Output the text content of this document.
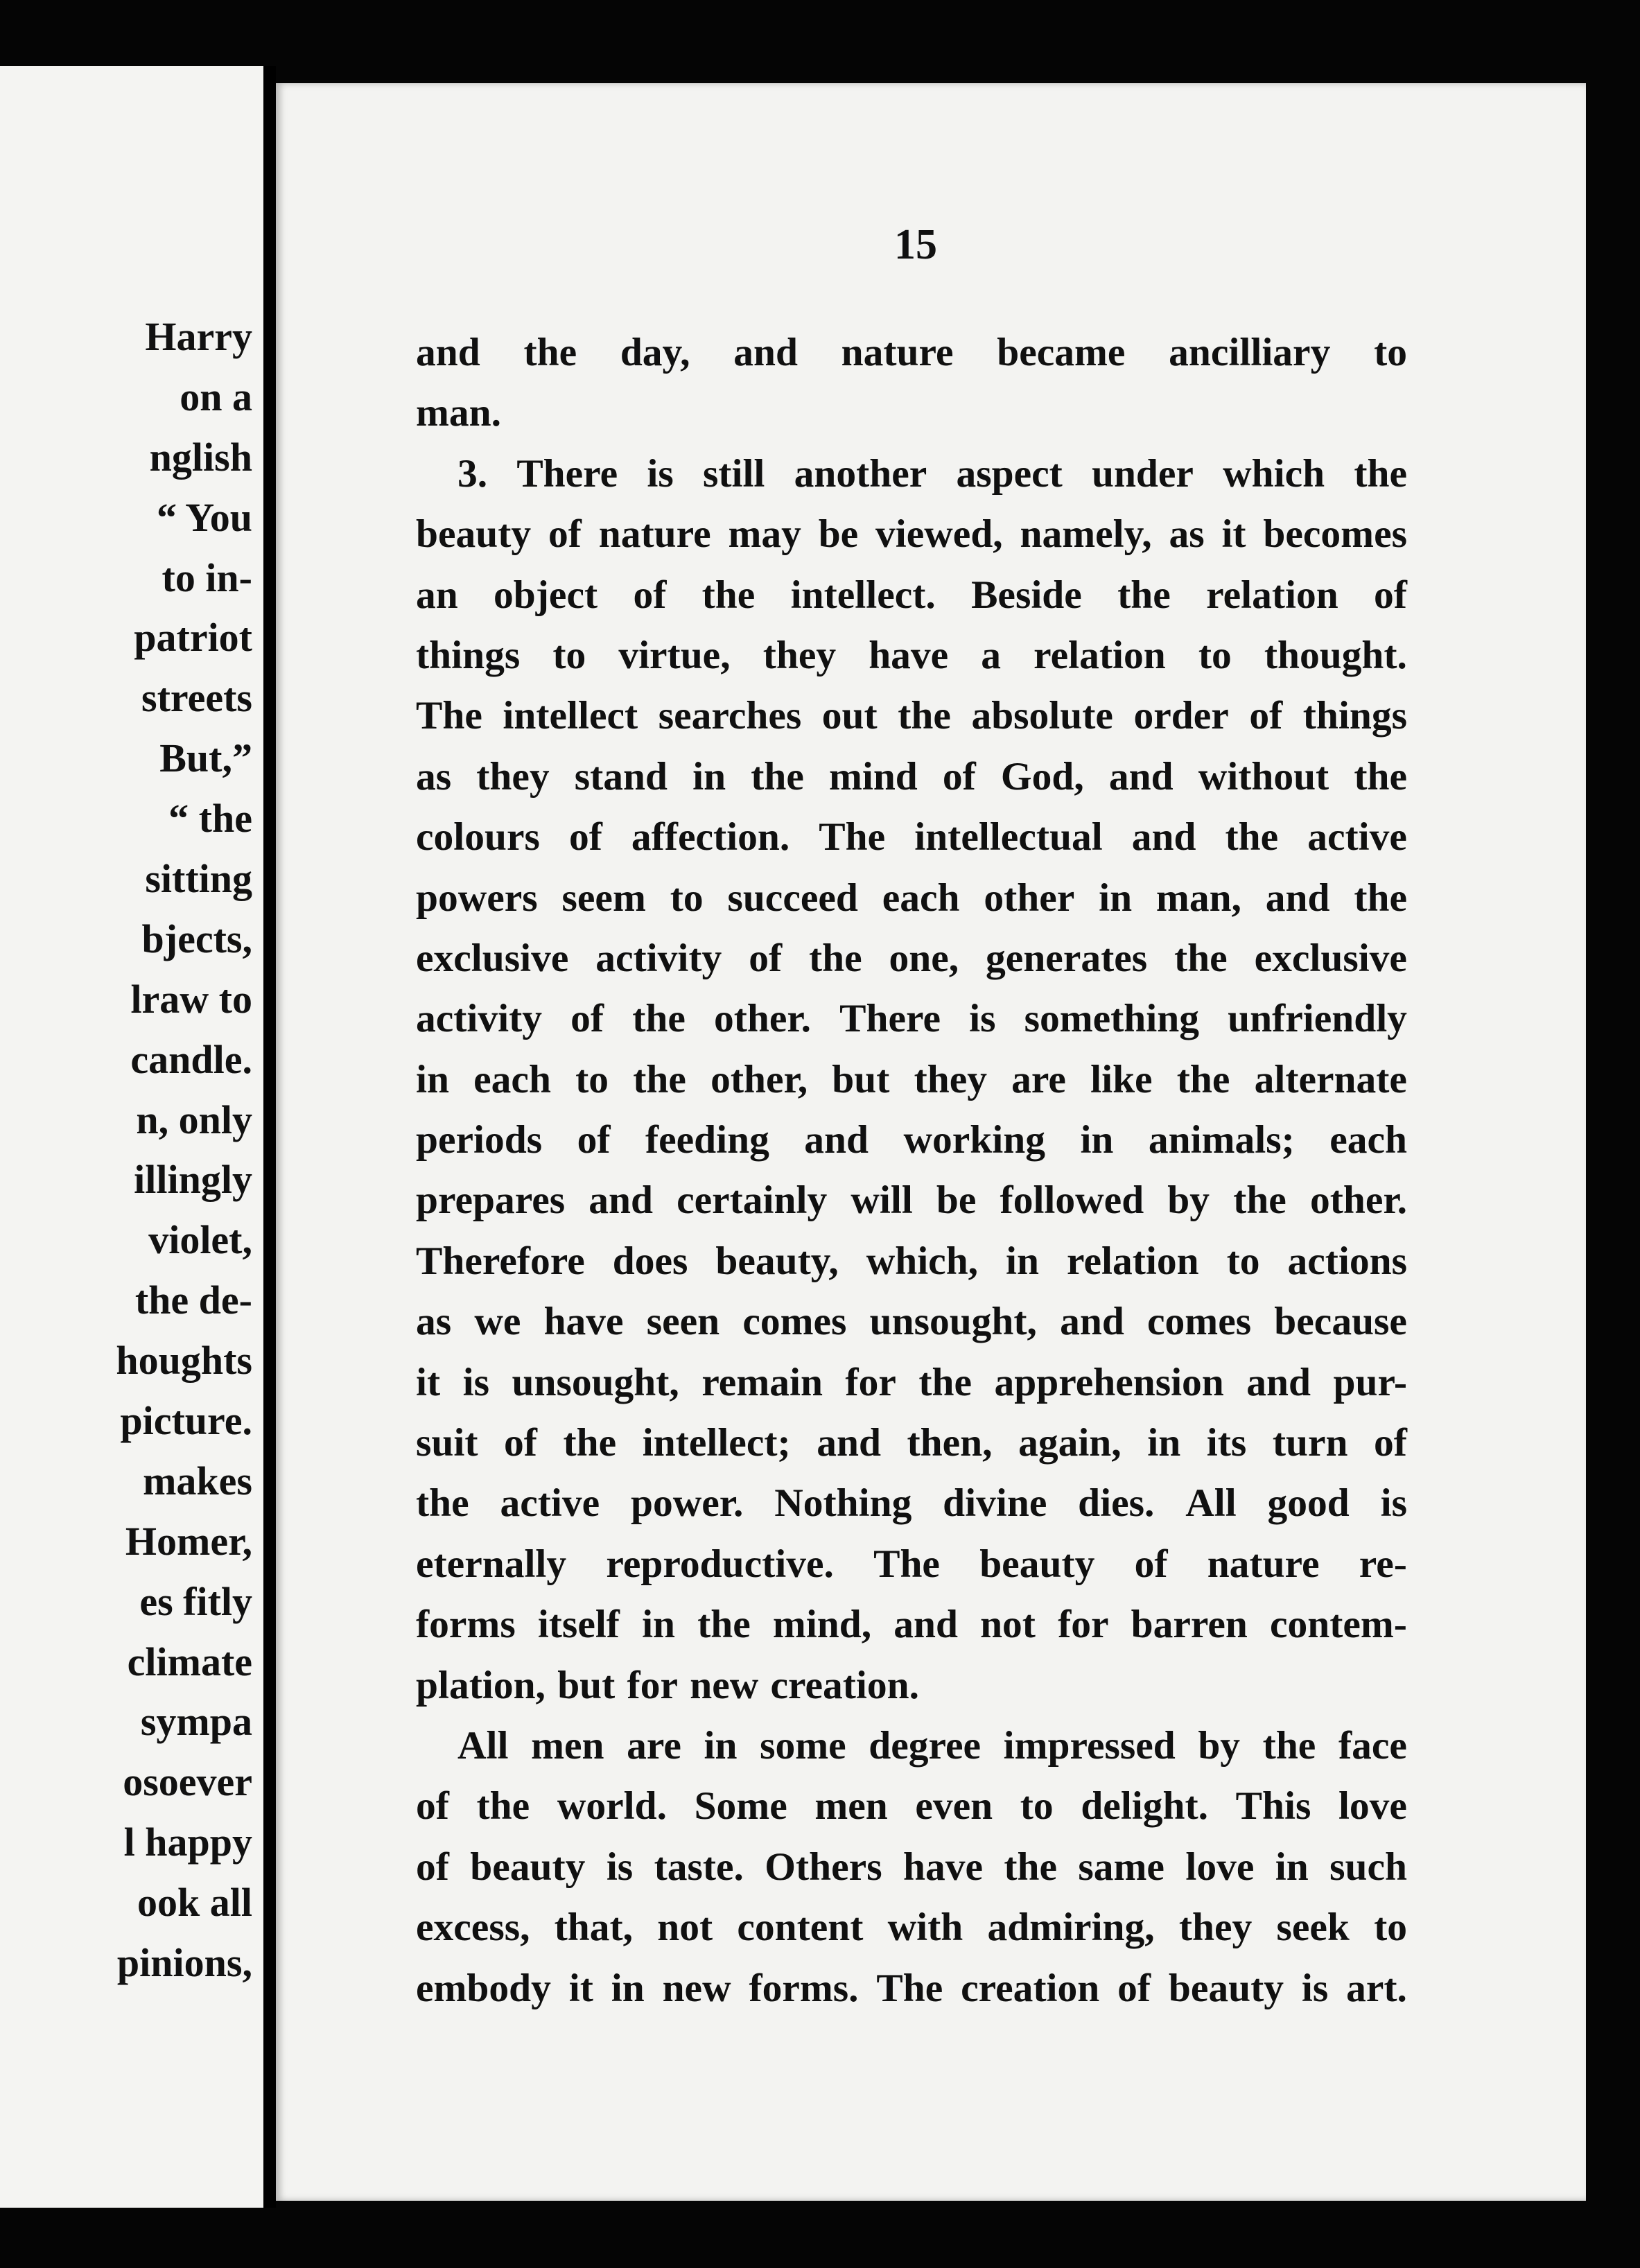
Harry
on a
nglish
“ You
to in-
patriot
streets
But,”
“ the
sitting
bjects,
lraw to
candle.
n, only
illingly
violet,
the de-
houghts
picture.
makes
Homer,
es fitly
climate
sympa
osoever
l happy
ook all
pinions,
15
and the day, and nature became ancilliary to
man.
3. There is still another aspect under which the
beauty of nature may be viewed, namely, as it becomes
an object of the intellect. Beside the relation of
things to virtue, they have a relation to thought.
The intellect searches out the absolute order of things
as they stand in the mind of God, and without the
colours of affection. The intellectual and the active
powers seem to succeed each other in man, and the
exclusive activity of the one, generates the exclusive
activity of the other. There is something unfriendly
in each to the other, but they are like the alternate
periods of feeding and working in animals; each
prepares and certainly will be followed by the other.
Therefore does beauty, which, in relation to actions
as we have seen comes unsought, and comes because
it is unsought, remain for the apprehension and pur-
suit of the intellect; and then, again, in its turn of
the active power. Nothing divine dies. All good is
eternally reproductive. The beauty of nature re-
forms itself in the mind, and not for barren contem-
plation, but for new creation.
All men are in some degree impressed by the face
of the world. Some men even to delight. This love
of beauty is taste. Others have the same love in such
excess, that, not content with admiring, they seek to
embody it in new forms. The creation of beauty is art.
